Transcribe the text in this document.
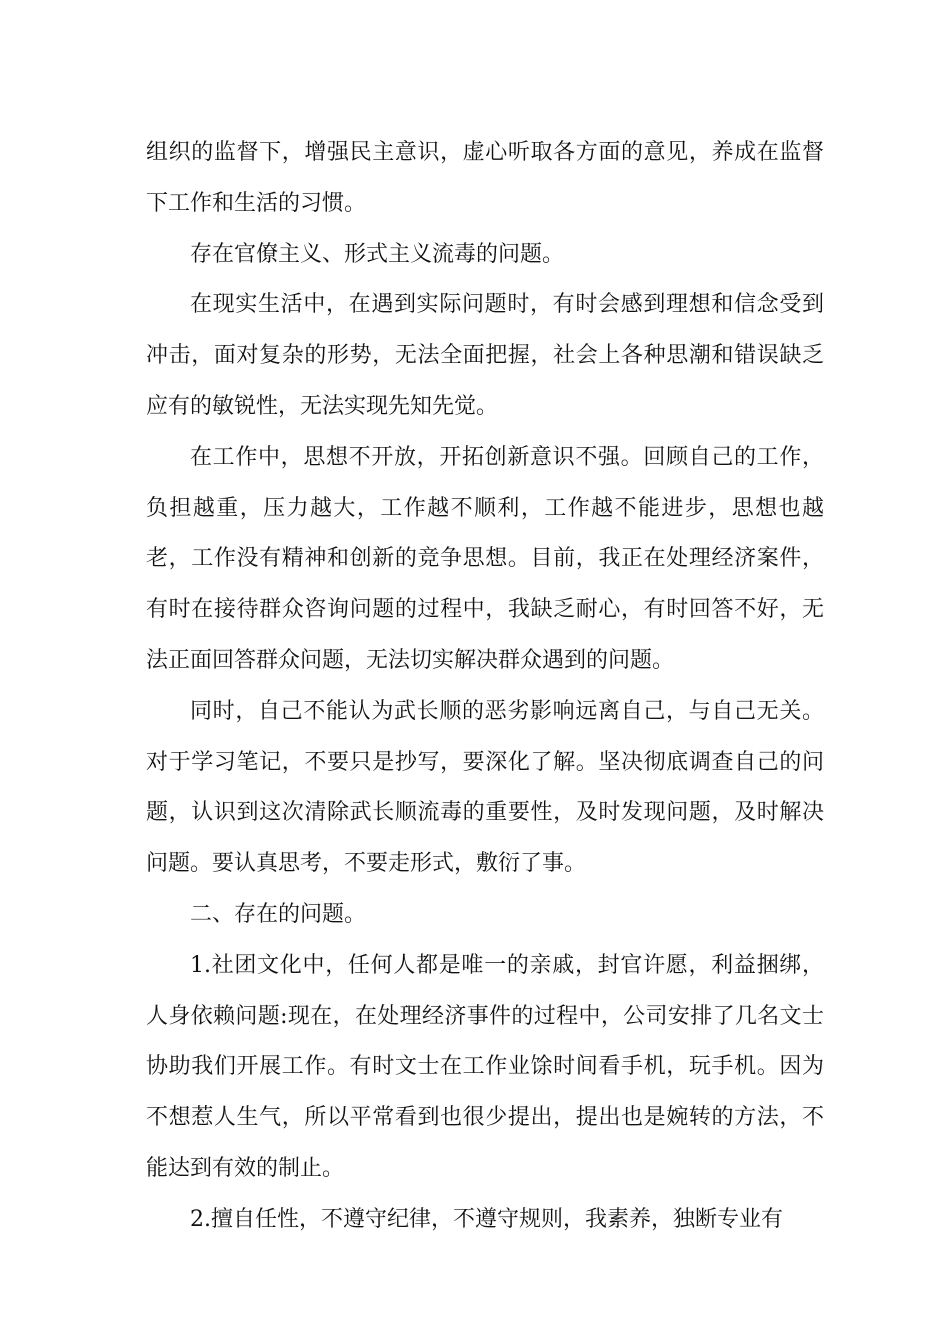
组织的监督下，增强民主意识，虚心听取各方面的意见，养成在监督下工作和生活的习惯。

存在官僚主义、形式主义流毒的问题。

在现实生活中，在遇到实际问题时，有时会感到理想和信念受到冲击，面对复杂的形势，无法全面把握，社会上各种思潮和错误缺乏应有的敏锐性，无法实现先知先觉。

在工作中，思想不开放，开拓创新意识不强。回顾自己的工作，负担越重，压力越大，工作越不顺利，工作越不能进步，思想也越老，工作没有精神和创新的竞争思想。目前，我正在处理经济案件，有时在接待群众咨询问题的过程中，我缺乏耐心，有时回答不好，无法正面回答群众问题，无法切实解决群众遇到的问题。

同时，自己不能认为武长顺的恶劣影响远离自己，与自己无关。对于学习笔记，不要只是抄写，要深化了解。坚决彻底调查自己的问题，认识到这次清除武长顺流毒的重要性，及时发现问题，及时解决问题。要认真思考，不要走形式，敷衍了事。

二、存在的问题。

1.社团文化中，任何人都是唯一的亲戚，封官许愿，利益捆绑，人身依赖问题:现在，在处理经济事件的过程中，公司安排了几名文士协助我们开展工作。有时文士在工作业馀时间看手机，玩手机。因为不想惹人生气，所以平常看到也很少提出，提出也是婉转的方法，不能达到有效的制止。

2.擅自任性，不遵守纪律，不遵守规则，我素养，独断专业有
